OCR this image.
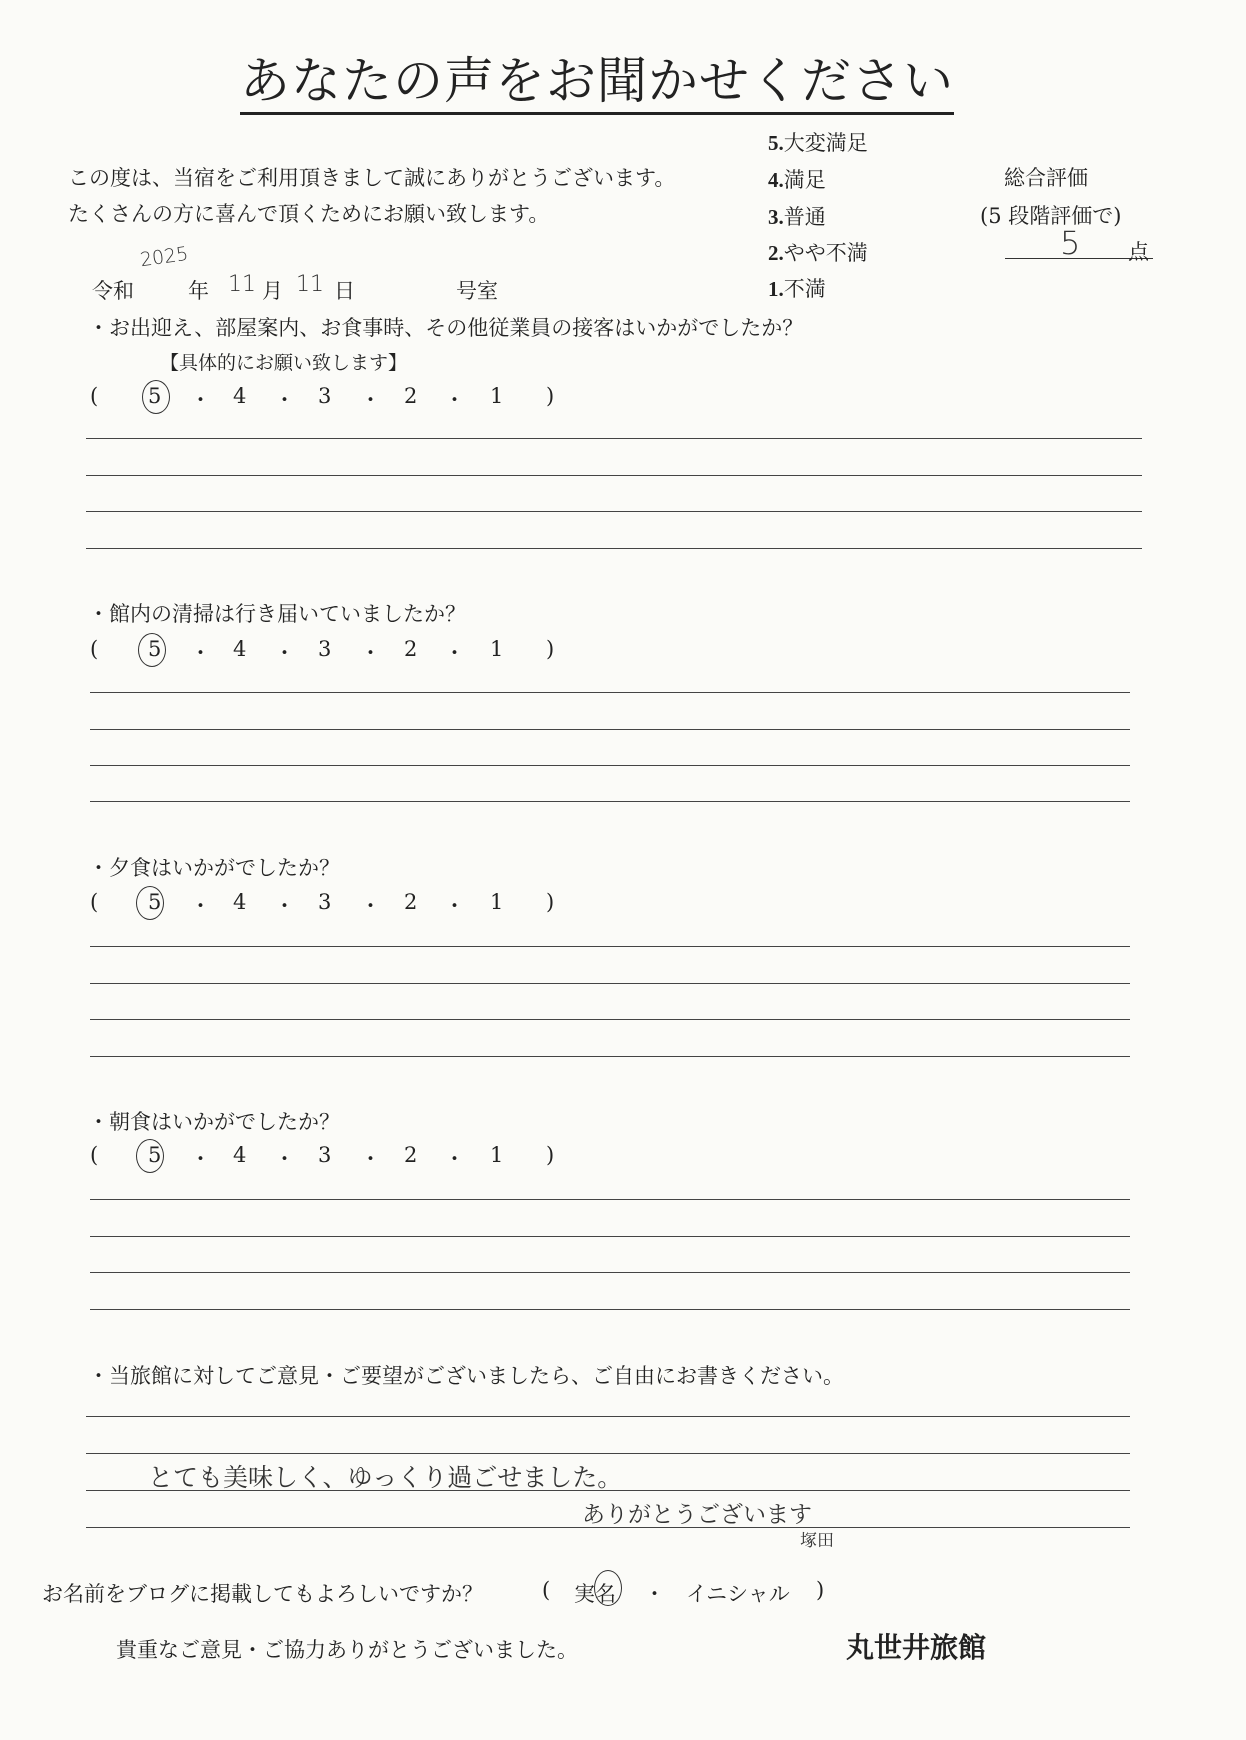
あなたの声をお聞かせください
この度は、当宿をご利用頂きまして誠にありがとうございます。
たくさんの方に喜んで頂くためにお願い致します。
5.大変満足
4.満足
3.普通
2.やや不満
1.不満
総合評価
(5 段階評価で)
5 点
2025
令和	年 11 月 11 日	号室
・お出迎え、部屋案内、お食事時、その他従業員の接客はいかがでしたか？
【具体的にお願い致します】
( 5 ・ 4 ・ 3 ・ 2 ・ 1 )
・館内の清掃は行き届いていましたか？
( 5 ・ 4 ・ 3 ・ 2 ・ 1 )
・夕食はいかがでしたか？
( 5 ・ 4 ・ 3 ・ 2 ・ 1 )
・朝食はいかがでしたか？
( 5 ・ 4 ・ 3 ・ 2 ・ 1 )
・当旅館に対してご意見・ご要望がございましたら、ご自由にお書きください。
とても美味しく、ゆっくり過ごせました。
ありがとうございます
塚田
お名前をブログに掲載してもよろしいですか？	( 実名 ・ イニシャル )
貴重なご意見・ご協力ありがとうございました。	丸世井旅館
